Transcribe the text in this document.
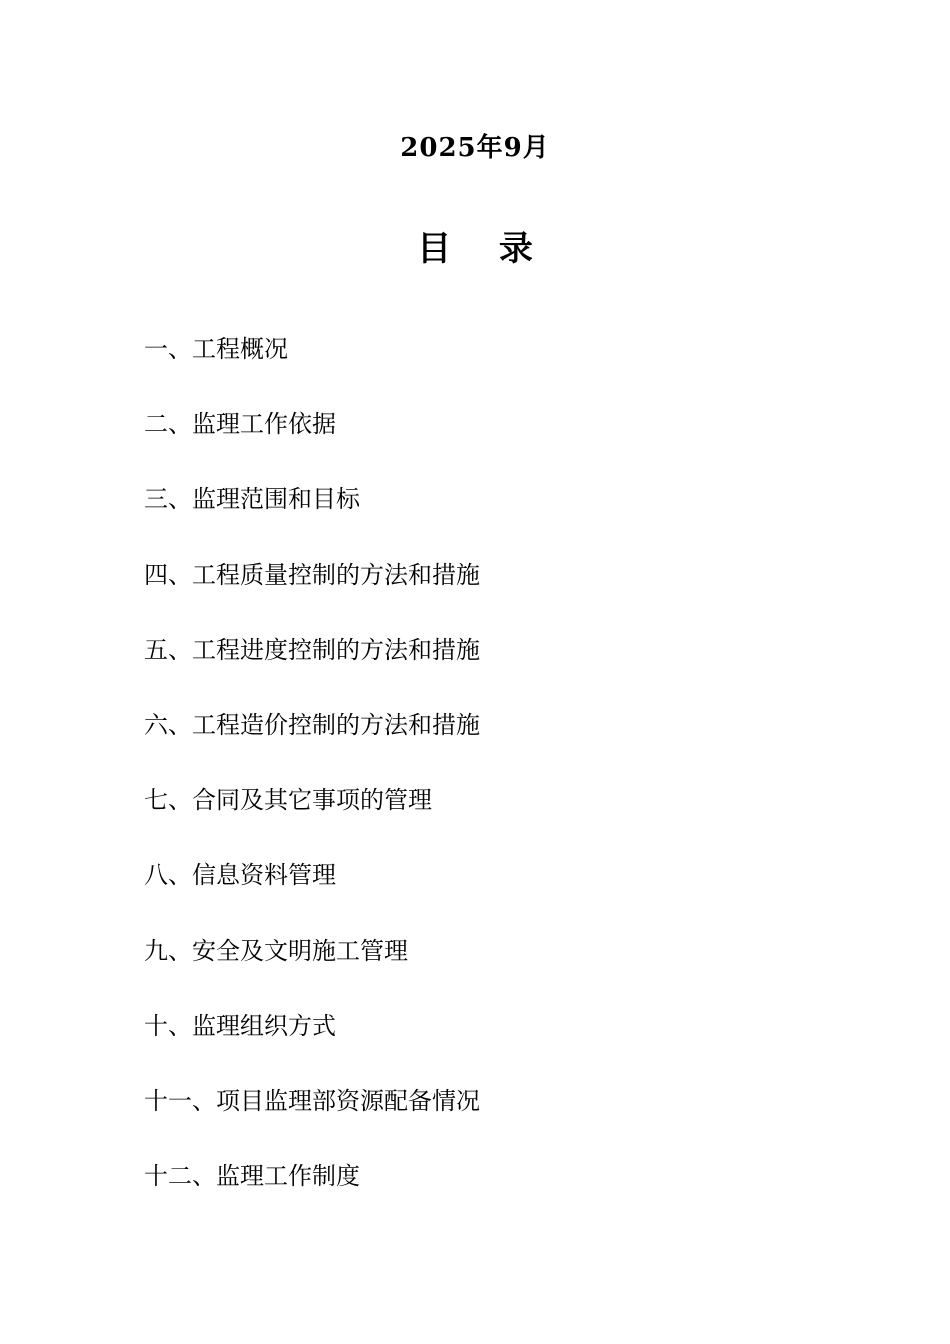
2025年9月
目 录
一、工程概况
二、监理工作依据
三、监理范围和目标
四、工程质量控制的方法和措施
五、工程进度控制的方法和措施
六、工程造价控制的方法和措施
七、合同及其它事项的管理
八、信息资料管理
九、安全及文明施工管理
十、监理组织方式
十一、项目监理部资源配备情况
十二、监理工作制度
